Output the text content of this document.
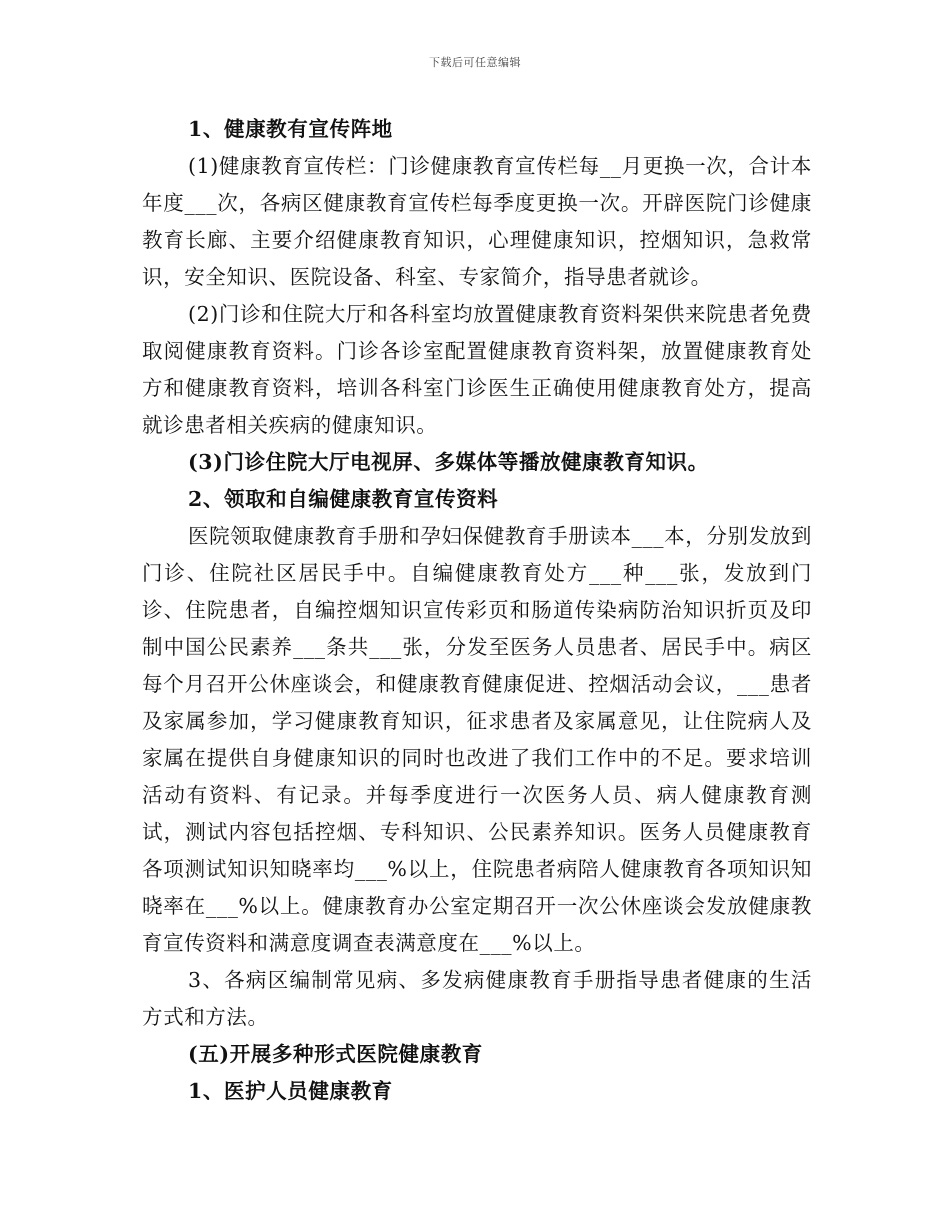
下载后可任意编辑

1、健康教有宣传阵地

(1)健康教育宣传栏：门诊健康教育宣传栏每__月更换一次，合计本年度___次，各病区健康教育宣传栏每季度更换一次。开辟医院门诊健康教育长廊、主要介绍健康教育知识，心理健康知识，控烟知识，急救常识，安全知识、医院设备、科室、专家简介，指导患者就诊。

(2)门诊和住院大厅和各科室均放置健康教育资料架供来院患者免费取阅健康教育资料。门诊各诊室配置健康教育资料架，放置健康教育处方和健康教育资料，培训各科室门诊医生正确使用健康教育处方，提高就诊患者相关疾病的健康知识。

(3)门诊住院大厅电视屏、多媒体等播放健康教育知识。

2、领取和自编健康教育宣传资料

医院领取健康教育手册和孕妇保健教育手册读本___本，分别发放到门诊、住院社区居民手中。自编健康教育处方___种___张，发放到门诊、住院患者，自编控烟知识宣传彩页和肠道传染病防治知识折页及印制中国公民素养___条共___张，分发至医务人员患者、居民手中。病区每个月召开公休座谈会，和健康教育健康促进、控烟活动会议，___患者及家属参加，学习健康教育知识，征求患者及家属意见，让住院病人及家属在提供自身健康知识的同时也改进了我们工作中的不足。要求培训活动有资料、有记录。并每季度进行一次医务人员、病人健康教育测试，测试内容包括控烟、专科知识、公民素养知识。医务人员健康教育各项测试知识知晓率均___%以上，住院患者病陪人健康教育各项知识知晓率在___%以上。健康教育办公室定期召开一次公休座谈会发放健康教育宣传资料和满意度调查表满意度在___%以上。

3、各病区编制常见病、多发病健康教育手册指导患者健康的生活方式和方法。

(五)开展多种形式医院健康教育

1、医护人员健康教育
